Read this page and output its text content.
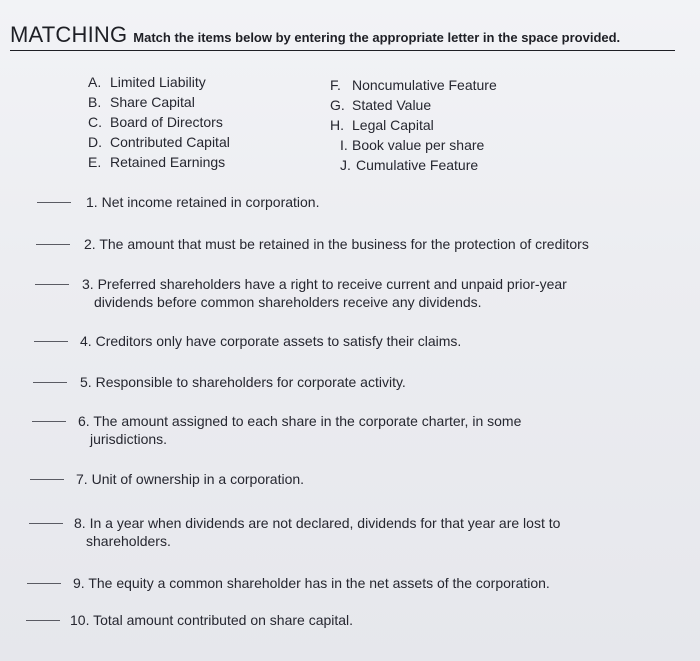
MATCHING Match the items below by entering the appropriate letter in the space provided.
A. Limited Liability
B. Share Capital
C. Board of Directors
D. Contributed Capital
E. Retained Earnings
F. Noncumulative Feature
G. Stated Value
H. Legal Capital
I. Book value per share
J. Cumulative Feature
1. Net income retained in corporation.
2. The amount that must be retained in the business for the protection of creditors
3. Preferred shareholders have a right to receive current and unpaid prior-year
dividends before common shareholders receive any dividends.
4. Creditors only have corporate assets to satisfy their claims.
5. Responsible to shareholders for corporate activity.
6. The amount assigned to each share in the corporate charter, in some
jurisdictions.
7. Unit of ownership in a corporation.
8. In a year when dividends are not declared, dividends for that year are lost to
shareholders.
9. The equity a common shareholder has in the net assets of the corporation.
10. Total amount contributed on share capital.
